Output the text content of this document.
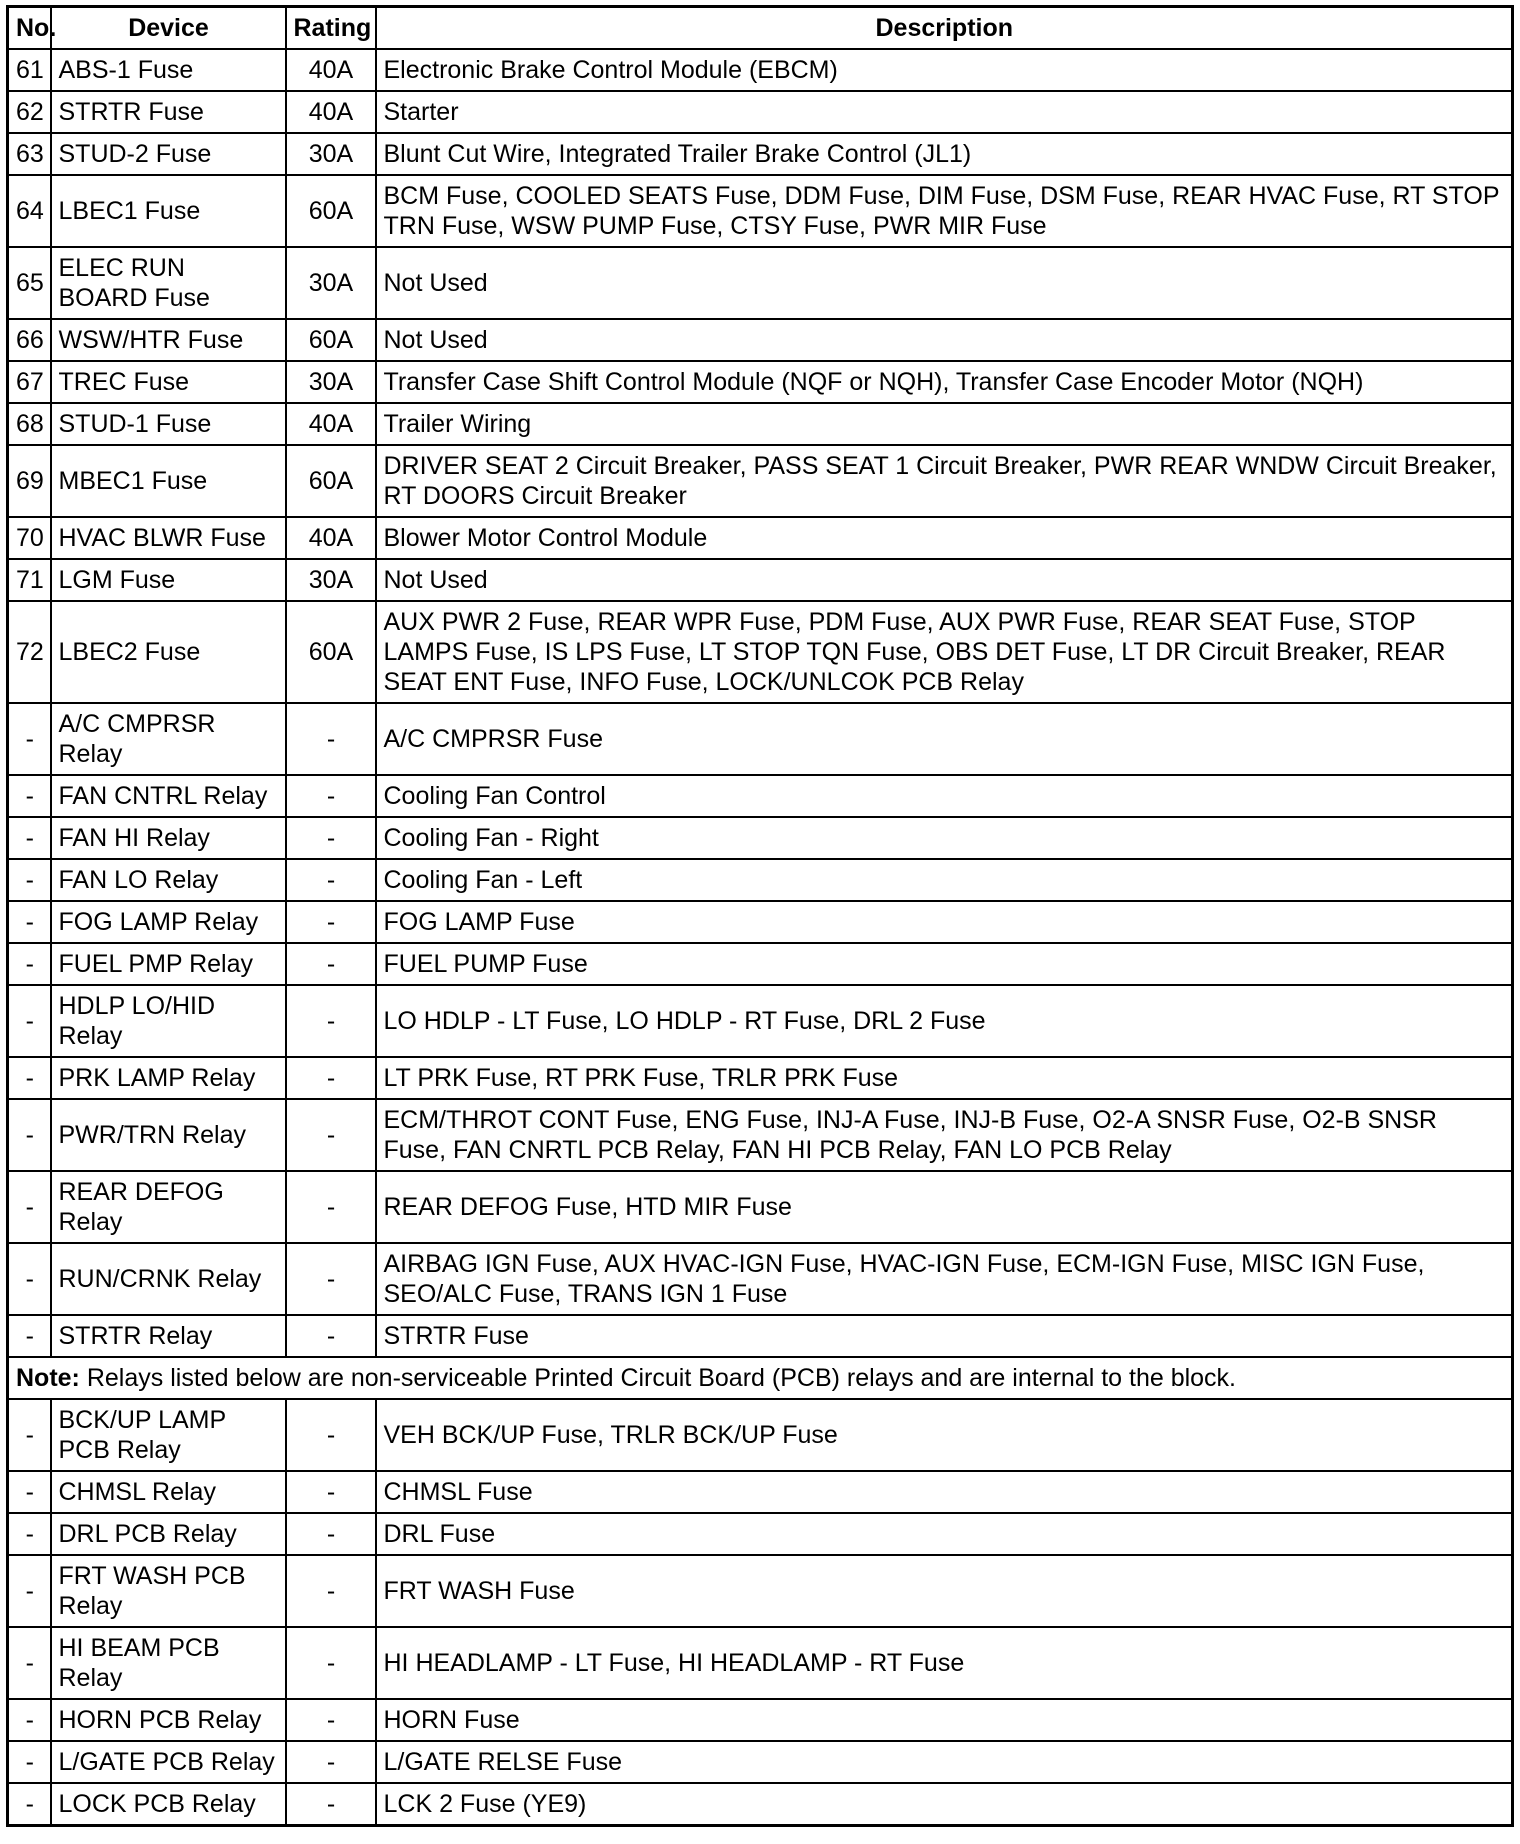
No.	Device	Rating	Description
61	ABS-1 Fuse	40A	Electronic Brake Control Module (EBCM)
62	STRTR Fuse	40A	Starter
63	STUD-2 Fuse	30A	Blunt Cut Wire, Integrated Trailer Brake Control (JL1)
64	LBEC1 Fuse	60A	BCM Fuse, COOLED SEATS Fuse, DDM Fuse, DIM Fuse, DSM Fuse, REAR HVAC Fuse, RT STOP TRN Fuse, WSW PUMP Fuse, CTSY Fuse, PWR MIR Fuse
65	ELEC RUN BOARD Fuse	30A	Not Used
66	WSW/HTR Fuse	60A	Not Used
67	TREC Fuse	30A	Transfer Case Shift Control Module (NQF or NQH), Transfer Case Encoder Motor (NQH)
68	STUD-1 Fuse	40A	Trailer Wiring
69	MBEC1 Fuse	60A	DRIVER SEAT 2 Circuit Breaker, PASS SEAT 1 Circuit Breaker, PWR REAR WNDW Circuit Breaker, RT DOORS Circuit Breaker
70	HVAC BLWR Fuse	40A	Blower Motor Control Module
71	LGM Fuse	30A	Not Used
72	LBEC2 Fuse	60A	AUX PWR 2 Fuse, REAR WPR Fuse, PDM Fuse, AUX PWR Fuse, REAR SEAT Fuse, STOP LAMPS Fuse, IS LPS Fuse, LT STOP TQN Fuse, OBS DET Fuse, LT DR Circuit Breaker, REAR SEAT ENT Fuse, INFO Fuse, LOCK/UNLCOK PCB Relay
-	A/C CMPRSR Relay	-	A/C CMPRSR Fuse
-	FAN CNTRL Relay	-	Cooling Fan Control
-	FAN HI Relay	-	Cooling Fan - Right
-	FAN LO Relay	-	Cooling Fan - Left
-	FOG LAMP Relay	-	FOG LAMP Fuse
-	FUEL PMP Relay	-	FUEL PUMP Fuse
-	HDLP LO/HID Relay	-	LO HDLP - LT Fuse, LO HDLP - RT Fuse, DRL 2 Fuse
-	PRK LAMP Relay	-	LT PRK Fuse, RT PRK Fuse, TRLR PRK Fuse
-	PWR/TRN Relay	-	ECM/THROT CONT Fuse, ENG Fuse, INJ-A Fuse, INJ-B Fuse, O2-A SNSR Fuse, O2-B SNSR Fuse, FAN CNRTL PCB Relay, FAN HI PCB Relay, FAN LO PCB Relay
-	REAR DEFOG Relay	-	REAR DEFOG Fuse, HTD MIR Fuse
-	RUN/CRNK Relay	-	AIRBAG IGN Fuse, AUX HVAC-IGN Fuse, HVAC-IGN Fuse, ECM-IGN Fuse, MISC IGN Fuse, SEO/ALC Fuse, TRANS IGN 1 Fuse
-	STRTR Relay	-	STRTR Fuse
Note: Relays listed below are non-serviceable Printed Circuit Board (PCB) relays and are internal to the block.			
-	BCK/UP LAMP PCB Relay	-	VEH BCK/UP Fuse, TRLR BCK/UP Fuse
-	CHMSL Relay	-	CHMSL Fuse
-	DRL PCB Relay	-	DRL Fuse
-	FRT WASH PCB Relay	-	FRT WASH Fuse
-	HI BEAM PCB Relay	-	HI HEADLAMP - LT Fuse, HI HEADLAMP - RT Fuse
-	HORN PCB Relay	-	HORN Fuse
-	L/GATE PCB Relay	-	L/GATE RELSE Fuse
-	LOCK PCB Relay	-	LCK 2 Fuse (YE9)
